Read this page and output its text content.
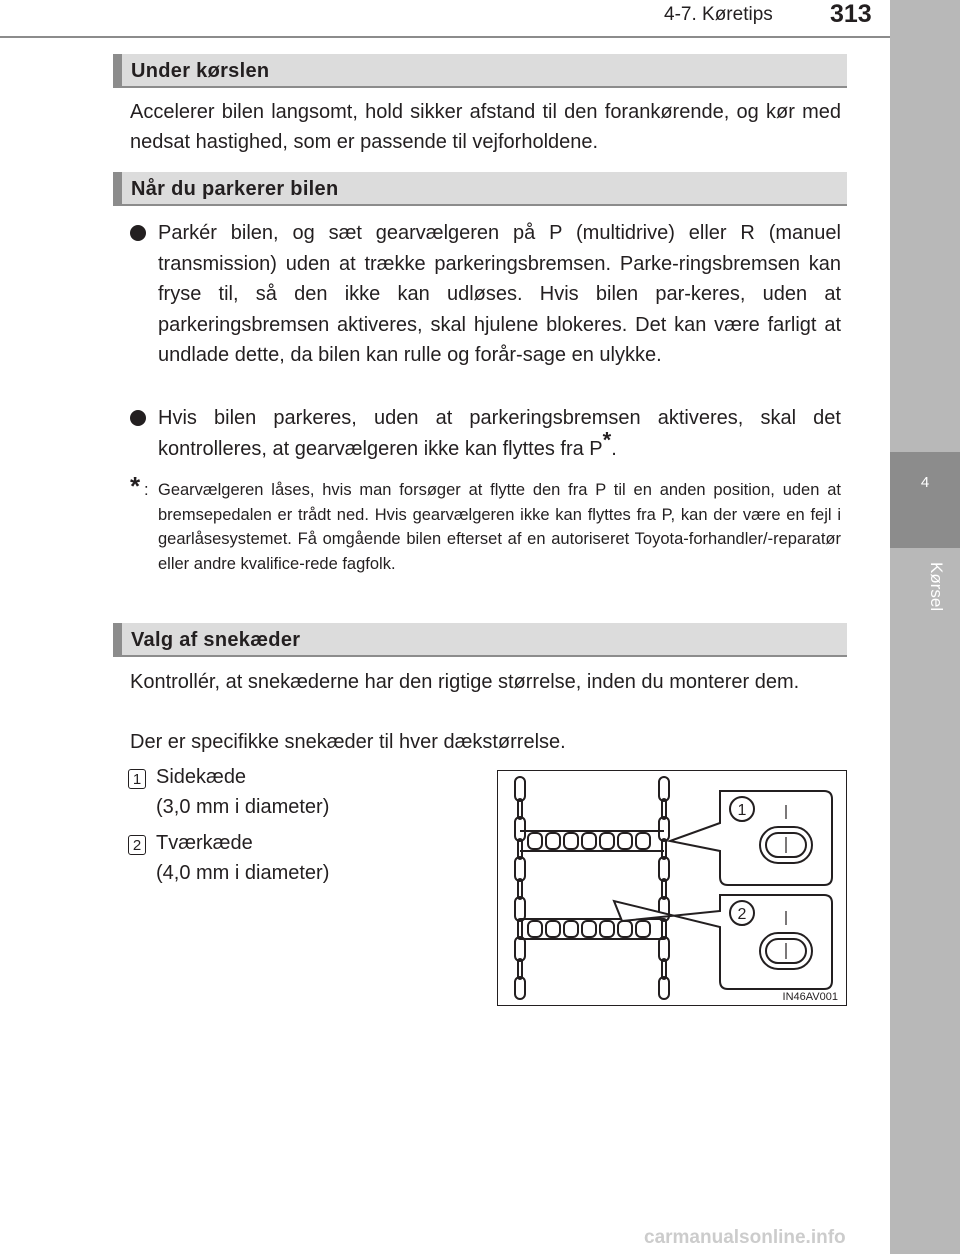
4-7. Køretips 313
4
Kørsel
Under kørslen
Accelerer bilen langsomt, hold sikker afstand til den forankørende, og kør med nedsat hastighed, som er passende til vejforholdene.
Når du parkerer bilen
Parkér bilen, og sæt gearvælgeren på P (multidrive) eller R (manuel transmission) uden at trække parkeringsbremsen. Parke-ringsbremsen kan fryse til, så den ikke kan udløses. Hvis bilen par-keres, uden at parkeringsbremsen aktiveres, skal hjulene blokeres. Det kan være farligt at undlade dette, da bilen kan rulle og forår-sage en ulykke.
Hvis bilen parkeres, uden at parkeringsbremsen aktiveres, skal det kontrolleres, at gearvælgeren ikke kan flyttes fra P*.
* : Gearvælgeren låses, hvis man forsøger at flytte den fra P til en anden position, uden at bremsepedalen er trådt ned. Hvis gearvælgeren ikke kan flyttes fra P, kan der være en fejl i gearlåsesystemet. Få omgående bilen efterset af en autoriseret Toyota-forhandler/-reparatør eller andre kvalifice-rede fagfolk.
Valg af snekæder
Kontrollér, at snekæderne har den rigtige størrelse, inden du monterer dem.
Der er specifikke snekæder til hver dækstørrelse.
1 Sidekæde
(3,0 mm i diameter)
2 Tværkæde
(4,0 mm i diameter)
1
2
IN46AV001
carmanualsonline.info
